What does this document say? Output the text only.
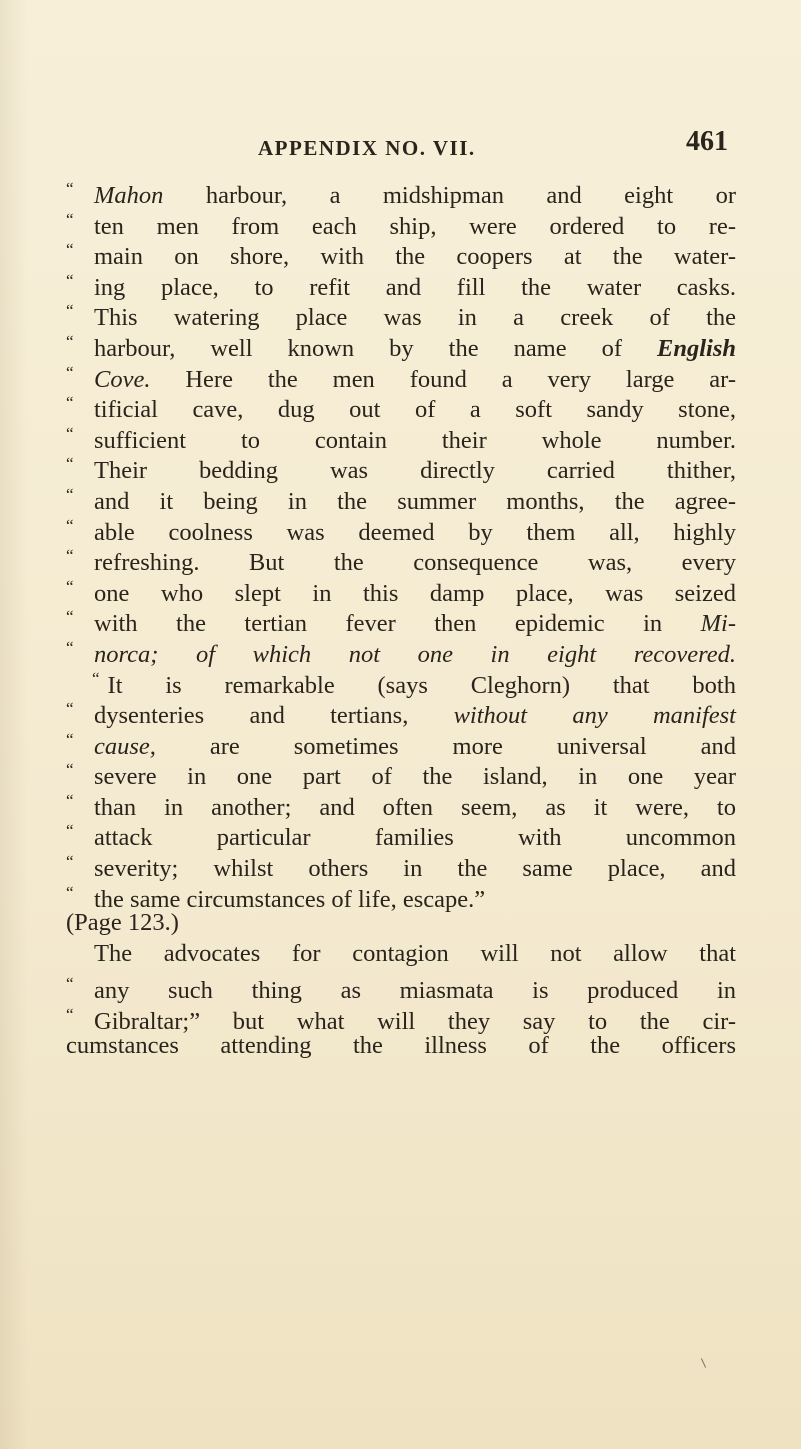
APPENDIX NO. VII.	461
“ Mahon harbour, a midshipman and eight or
“ ten men from each ship, were ordered to re-
“ main on shore, with the coopers at the water-
“ ing place, to refit and fill the water casks.
“ This watering place was in a creek of the
“ harbour, well known by the name of English
“ Cove. Here the men found a very large ar-
“ tificial cave, dug out of a soft sandy stone,
“ sufficient to contain their whole number.
“ Their bedding was directly carried thither,
“ and it being in the summer months, the agree-
“ able coolness was deemed by them all, highly
“ refreshing. But the consequence was, every
“ one who slept in this damp place, was seized
“ with the tertian fever then epidemic in Mi-
“ norca; of which not one in eight recovered.
“ It is remarkable (says Cleghorn) that both
“ dysenteries and tertians, without any manifest
“ cause, are sometimes more universal and
“ severe in one part of the island, in one year
“ than in another; and often seem, as it were, to
“ attack particular families with uncommon
“ severity; whilst others in the same place, and
“ the same circumstances of life, escape.”
(Page 123.)
The advocates for contagion will not allow that
“ any such thing as miasmata is produced in
“ Gibraltar;” but what will they say to the cir-
cumstances attending the illness of the officers
